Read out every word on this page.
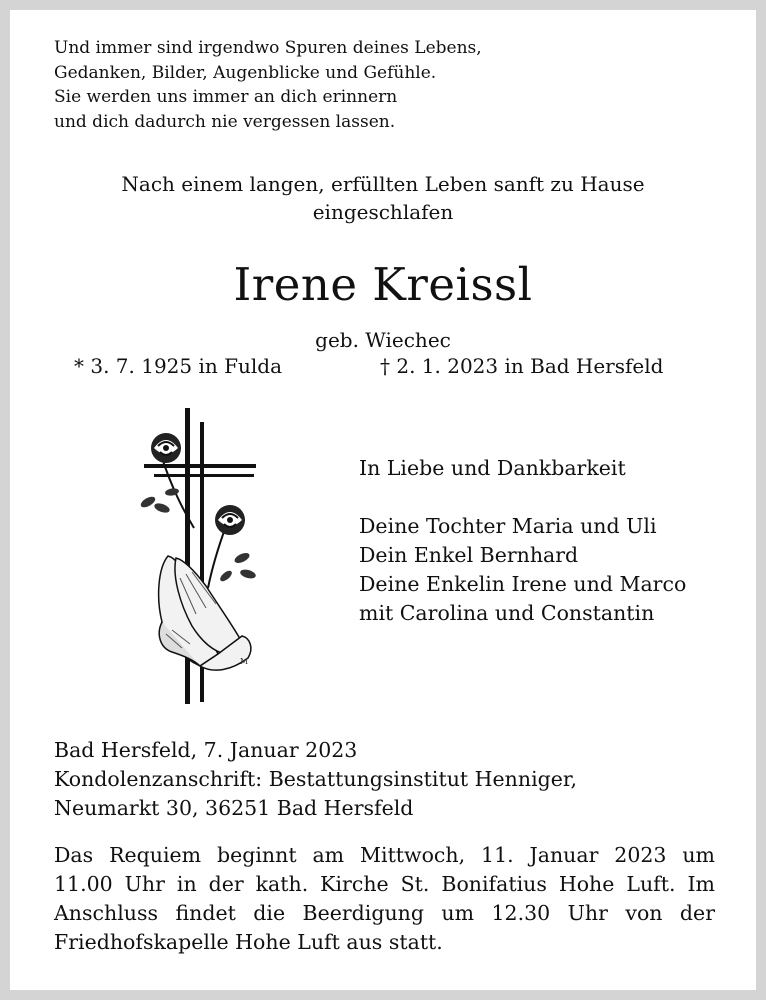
Und immer sind irgendwo Spuren deines Lebens,
Gedanken, Bilder, Augenblicke und Gefühle.
Sie werden uns immer an dich erinnern
und dich dadurch nie vergessen lassen.
Nach einem langen, erfüllten Leben sanft zu Hause
eingeschlafen
Irene Kreissl
geb. Wiechec
* 3. 7. 1925 in Fulda	† 2. 1. 2023 in Bad Hersfeld
M
In Liebe und Dankbarkeit
Deine Tochter Maria und Uli
Dein Enkel Bernhard
Deine Enkelin Irene und Marco
mit Carolina und Constantin
Bad Hersfeld, 7. Januar 2023
Kondolenzanschrift: Bestattungsinstitut Henniger,
Neumarkt 30, 36251 Bad Hersfeld
Das Requiem beginnt am Mittwoch, 11. Januar 2023 um
11.00 Uhr in der kath. Kirche St. Bonifatius Hohe Luft. Im
Anschluss findet die Beerdigung um 12.30 Uhr von der
Friedhofskapelle Hohe Luft aus statt.
